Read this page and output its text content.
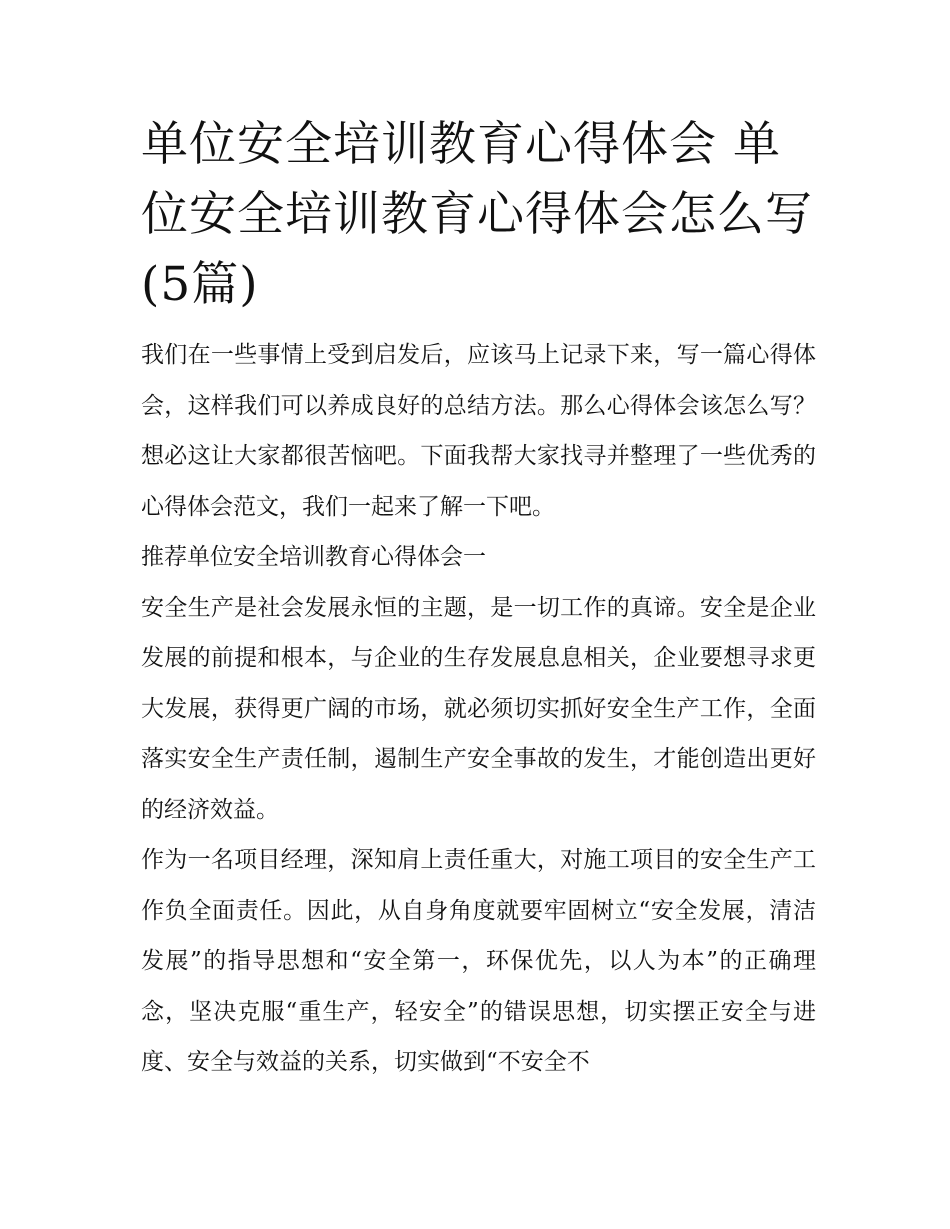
单位安全培训教育心得体会 单位安全培训教育心得体会怎么写(5篇)

我们在一些事情上受到启发后，应该马上记录下来，写一篇心得体会，这样我们可以养成良好的总结方法。那么心得体会该怎么写？想必这让大家都很苦恼吧。下面我帮大家找寻并整理了一些优秀的心得体会范文，我们一起来了解一下吧。

推荐单位安全培训教育心得体会一

安全生产是社会发展永恒的主题，是一切工作的真谛。安全是企业发展的前提和根本，与企业的生存发展息息相关，企业要想寻求更大发展，获得更广阔的市场，就必须切实抓好安全生产工作，全面落实安全生产责任制，遏制生产安全事故的发生，才能创造出更好的经济效益。

作为一名项目经理，深知肩上责任重大，对施工项目的安全生产工作负全面责任。因此，从自身角度就要牢固树立“安全发展，清洁发展”的指导思想和“安全第一，环保优先，以人为本”的正确理念，坚决克服“重生产，轻安全”的错误思想，切实摆正安全与进度、安全与效益的关系，切实做到“不安全不
